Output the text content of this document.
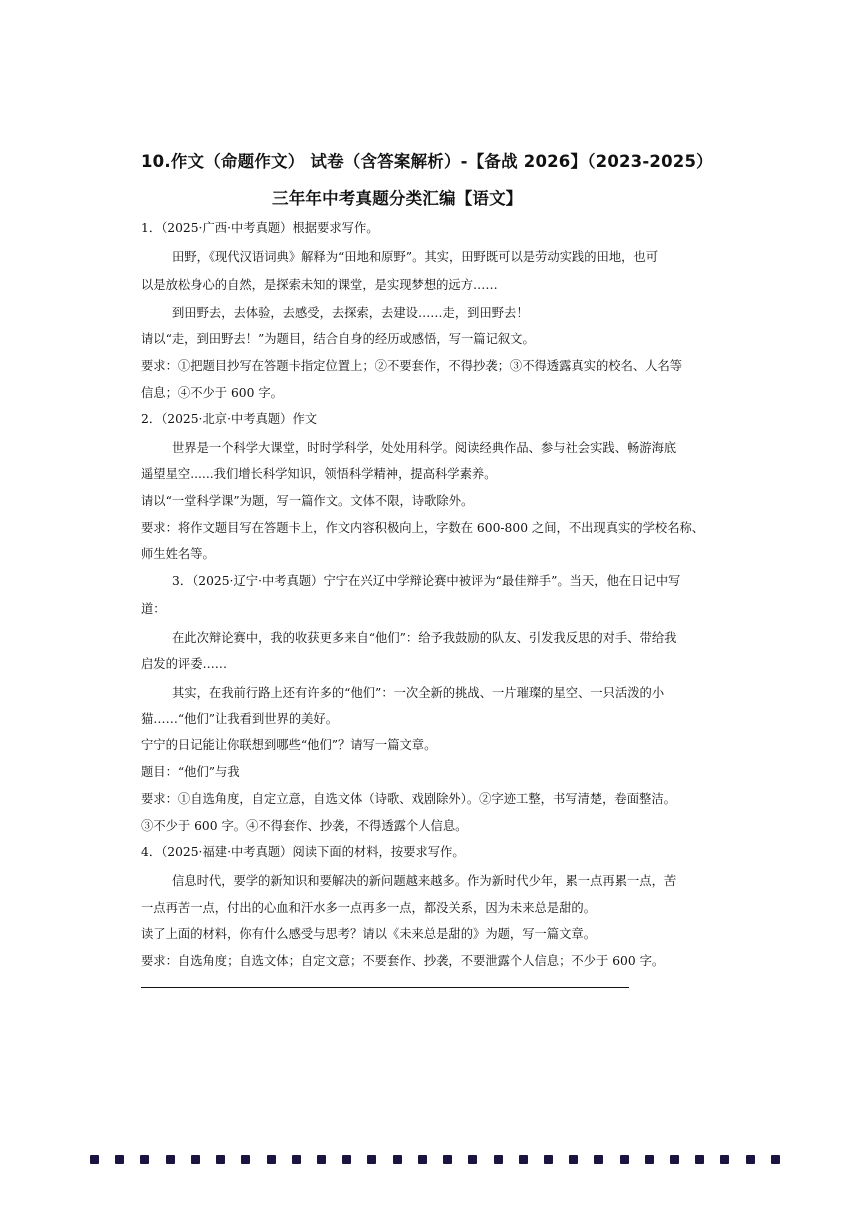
10.作文（命题作文） 试卷（含答案解析）-【备战 2026】（2023-2025）
三年年中考真题分类汇编【语文】
1．（2025·广西·中考真题）根据要求写作。
田野，《现代汉语词典》解释为“田地和原野”。其实，田野既可以是劳动实践的田地，也可
以是放松身心的自然，是探索未知的课堂，是实现梦想的远方……
到田野去，去体验，去感受，去探索，去建设……走，到田野去！
请以“走，到田野去！”为题目，结合自身的经历或感悟，写一篇记叙文。
要求：①把题目抄写在答题卡指定位置上；②不要套作，不得抄袭；③不得透露真实的校名、人名等
信息；④不少于 600 字。
2．（2025·北京·中考真题）作文
世界是一个科学大课堂，时时学科学，处处用科学。阅读经典作品、参与社会实践、畅游海底
遥望星空......我们增长科学知识，领悟科学精神，提高科学素养。
请以“一堂科学课”为题，写一篇作文。文体不限，诗歌除外。
要求：将作文题目写在答题卡上，作文内容积极向上，字数在 600-800 之间，不出现真实的学校名称、
师生姓名等。
3．（2025·辽宁·中考真题）宁宁在兴辽中学辩论赛中被评为“最佳辩手”。当天，他在日记中写
道：
在此次辩论赛中，我的收获更多来自“他们”：给予我鼓励的队友、引发我反思的对手、带给我
启发的评委……
其实，在我前行路上还有许多的“他们”：一次全新的挑战、一片璀璨的星空、一只活泼的小
猫……“他们”让我看到世界的美好。
宁宁的日记能让你联想到哪些“他们”？请写一篇文章。
题目：“他们”与我
要求：①自选角度，自定立意，自选文体（诗歌、戏剧除外）。②字迹工整，书写清楚，卷面整洁。
③不少于 600 字。④不得套作、抄袭，不得透露个人信息。
4．（2025·福建·中考真题）阅读下面的材料，按要求写作。
信息时代，要学的新知识和要解决的新问题越来越多。作为新时代少年，累一点再累一点，苦
一点再苦一点，付出的心血和汗水多一点再多一点，都没关系，因为未来总是甜的。
读了上面的材料，你有什么感受与思考？请以《未来总是甜的》为题，写一篇文章。
要求：自选角度；自选文体；自定文意；不要套作、抄袭，不要泄露个人信息；不少于 600 字。
